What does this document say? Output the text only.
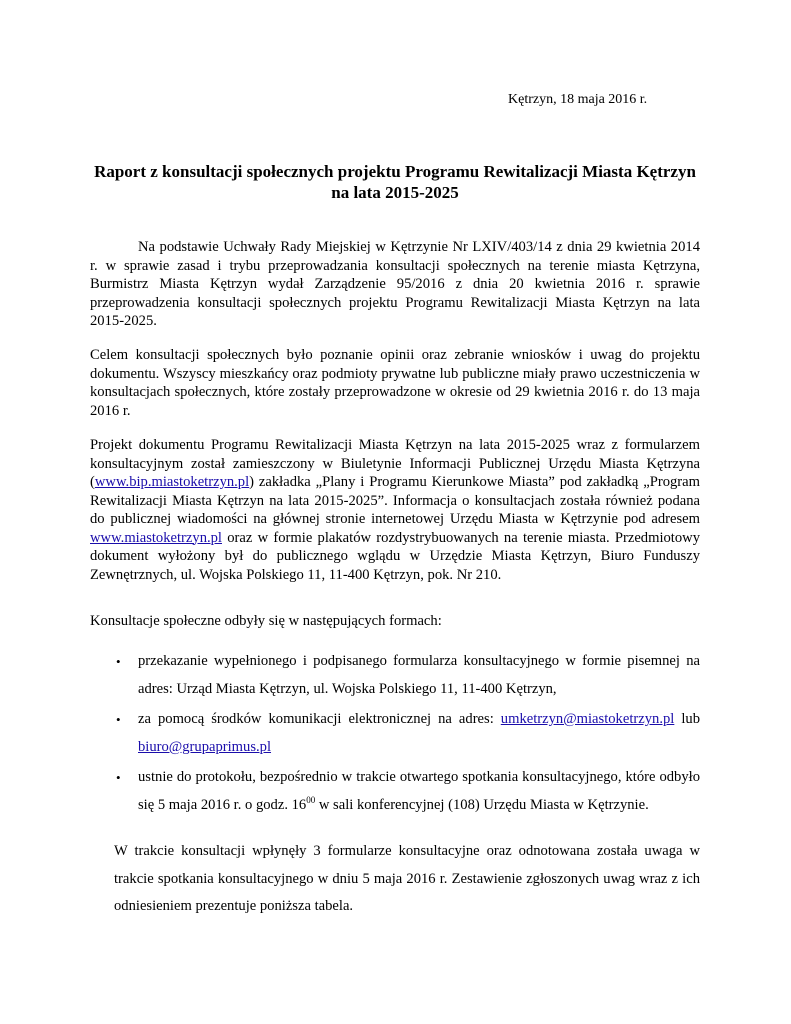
Kętrzyn, 18 maja 2016 r.
Raport z konsultacji społecznych projektu Programu Rewitalizacji Miasta Kętrzyn na lata 2015-2025

Na podstawie Uchwały Rady Miejskiej w Kętrzynie Nr LXIV/403/14 z dnia 29 kwietnia 2014 r. w sprawie zasad i trybu przeprowadzania konsultacji społecznych na terenie miasta Kętrzyna, Burmistrz Miasta Kętrzyn wydał Zarządzenie 95/2016 z dnia 20 kwietnia 2016 r. sprawie przeprowadzenia konsultacji społecznych projektu Programu Rewitalizacji Miasta Kętrzyn na lata 2015-2025.

Celem konsultacji społecznych było poznanie opinii oraz zebranie wniosków i uwag do projektu dokumentu. Wszyscy mieszkańcy oraz podmioty prywatne lub publiczne miały prawo uczestniczenia w konsultacjach społecznych, które zostały przeprowadzone w okresie od 29 kwietnia 2016 r. do 13 maja 2016 r.

Projekt dokumentu Programu Rewitalizacji Miasta Kętrzyn na lata 2015-2025 wraz z formularzem konsultacyjnym został zamieszczony w Biuletynie Informacji Publicznej Urzędu Miasta Kętrzyna (www.bip.miastoketrzyn.pl) zakładka „Plany i Programu Kierunkowe Miasta” pod zakładką „Program Rewitalizacji Miasta Kętrzyn na lata 2015-2025”. Informacja o konsultacjach została również podana do publicznej wiadomości na głównej stronie internetowej Urzędu Miasta w Kętrzynie pod adresem www.miastoketrzyn.pl oraz w formie plakatów rozdystrybuowanych na terenie miasta. Przedmiotowy dokument wyłożony był do publicznego wglądu w Urzędzie Miasta Kętrzyn, Biuro Funduszy Zewnętrznych, ul. Wojska Polskiego 11, 11-400 Kętrzyn, pok. Nr 210.

Konsultacje społeczne odbyły się w następujących formach:

• przekazanie wypełnionego i podpisanego formularza konsultacyjnego w formie pisemnej na adres: Urząd Miasta Kętrzyn, ul. Wojska Polskiego 11, 11-400 Kętrzyn,
• za pomocą środków komunikacji elektronicznej na adres: umketrzyn@miastoketrzyn.pl lub biuro@grupaprimus.pl
• ustnie do protokołu, bezpośrednio w trakcie otwartego spotkania konsultacyjnego, które odbyło się 5 maja 2016 r. o godz. $16^{00}$ w sali konferencyjnej (108) Urzędu Miasta w Kętrzynie.

W trakcie konsultacji wpłynęły 3 formularze konsultacyjne oraz odnotowana została uwaga w trakcie spotkania konsultacyjnego w dniu 5 maja 2016 r. Zestawienie zgłoszonych uwag wraz z ich odniesieniem prezentuje poniższa tabela.
